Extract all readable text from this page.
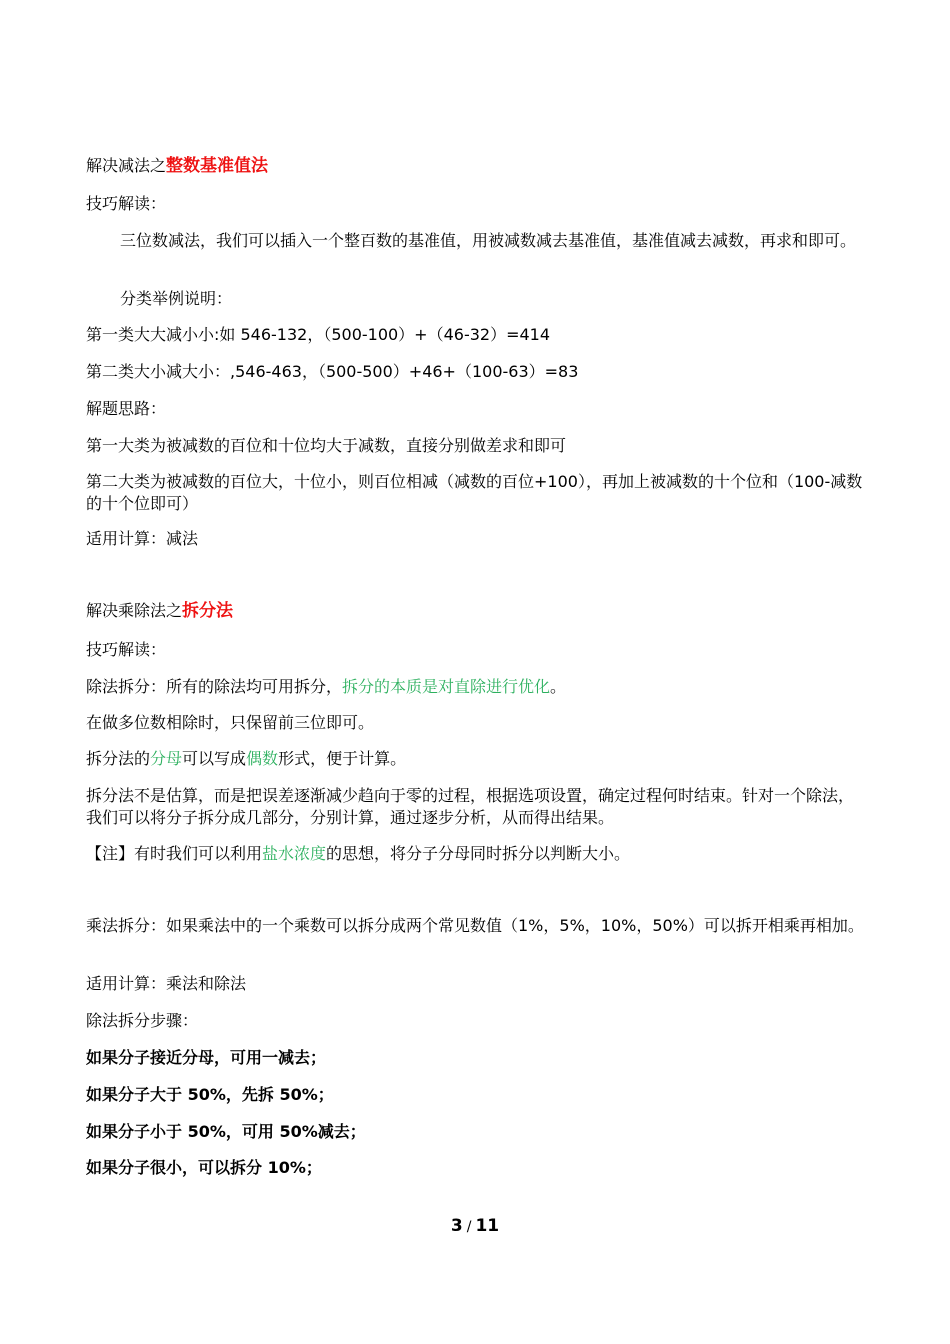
解决减法之整数基准值法
技巧解读：
三位数减法，我们可以插入一个整百数的基准值，用被减数减去基准值，基准值减去减数，再求和即可。
分类举例说明：
第一类大大减小小:如 546-132，（500-100）+（46-32）=414
第二类大小减大小：,546-463，（500-500）+46+（100-63）=83
解题思路：
第一大类为被减数的百位和十位均大于减数，直接分别做差求和即可
第二大类为被减数的百位大，十位小，则百位相减（减数的百位+100），再加上被减数的十个位和（100-减数的十个位即可）
适用计算：减法
解决乘除法之拆分法
技巧解读：
除法拆分：所有的除法均可用拆分，拆分的本质是对直除进行优化。
在做多位数相除时，只保留前三位即可。
拆分法的分母可以写成偶数形式，便于计算。
拆分法不是估算，而是把误差逐渐减少趋向于零的过程，根据选项设置，确定过程何时结束。针对一个除法，我们可以将分子拆分成几部分，分别计算，通过逐步分析，从而得出结果。
【注】有时我们可以利用盐水浓度的思想，将分子分母同时拆分以判断大小。
乘法拆分：如果乘法中的一个乘数可以拆分成两个常见数值（1%，5%，10%，50%）可以拆开相乘再相加。
适用计算：乘法和除法
除法拆分步骤：
如果分子接近分母，可用一减去；
如果分子大于 50%，先拆 50%；
如果分子小于 50%，可用 50%减去；
如果分子很小，可以拆分 10%；
3 / 11
